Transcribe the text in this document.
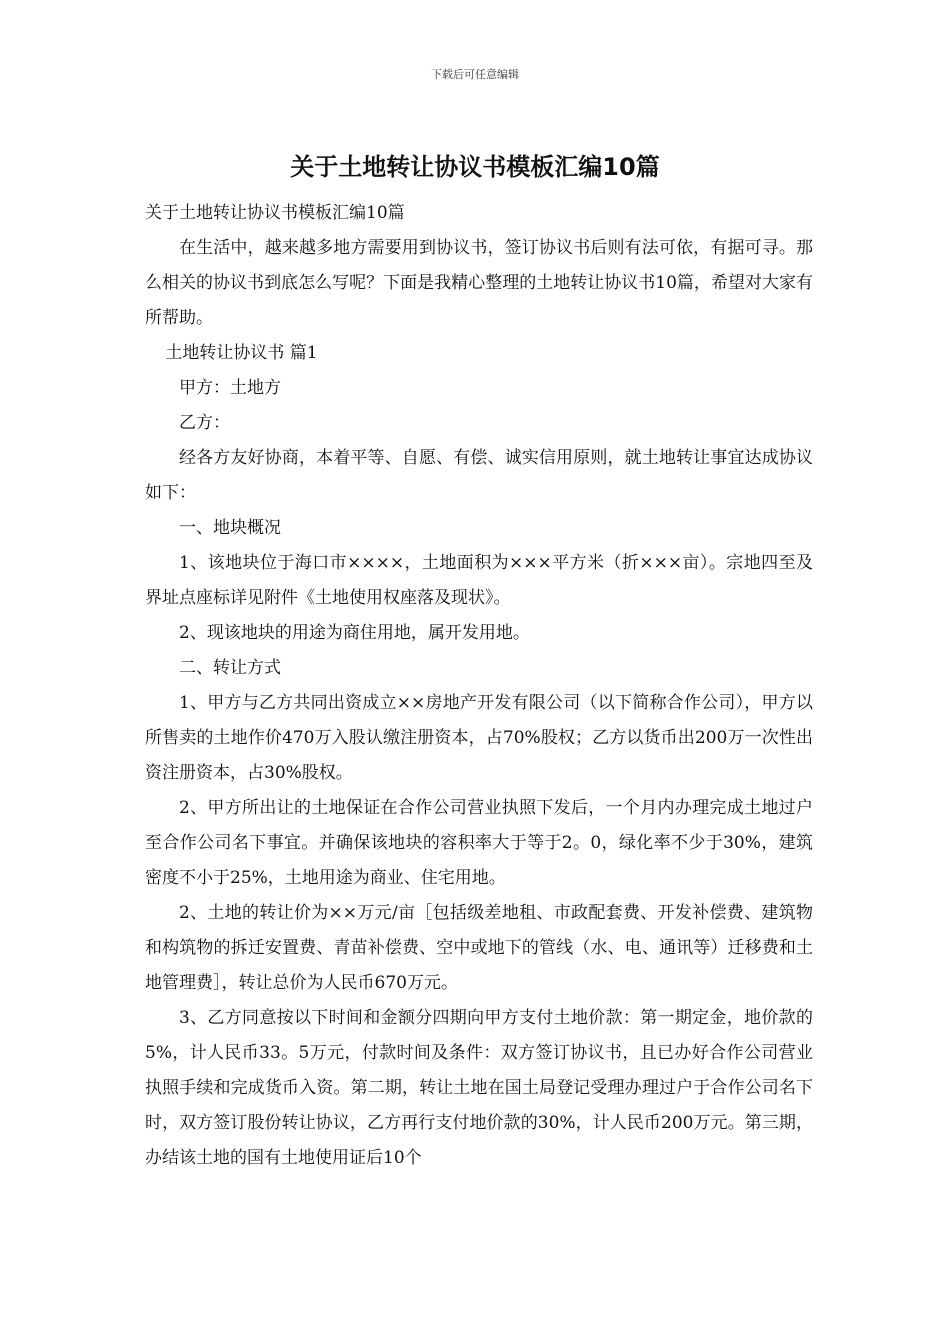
下载后可任意编辑
关于土地转让协议书模板汇编10篇

关于土地转让协议书模板汇编10篇

在生活中，越来越多地方需要用到协议书，签订协议书后则有法可依，有据可寻。那么相关的协议书到底怎么写呢？下面是我精心整理的土地转让协议书10篇，希望对大家有所帮助。

土地转让协议书 篇1

甲方：土地方

乙方：

经各方友好协商，本着平等、自愿、有偿、诚实信用原则，就土地转让事宜达成协议如下：

一、地块概况

1、该地块位于海口市××××，土地面积为×××平方米（折×××亩）。宗地四至及界址点座标详见附件《土地使用权座落及现状》。

2、现该地块的用途为商住用地，属开发用地。

二、转让方式

1、甲方与乙方共同出资成立××房地产开发有限公司（以下简称合作公司），甲方以所售卖的土地作价470万入股认缴注册资本，占70%股权；乙方以货币出200万一次性出资注册资本，占30%股权。

2、甲方所出让的土地保证在合作公司营业执照下发后，一个月内办理完成土地过户至合作公司名下事宜。并确保该地块的容积率大于等于2。0，绿化率不少于30%，建筑密度不小于25%，土地用途为商业、住宅用地。

2、土地的转让价为××万元/亩［包括级差地租、市政配套费、开发补偿费、建筑物和构筑物的拆迁安置费、青苗补偿费、空中或地下的管线（水、电、通讯等）迁移费和土地管理费］，转让总价为人民币670万元。

3、乙方同意按以下时间和金额分四期向甲方支付土地价款：第一期定金，地价款的5%，计人民币33。5万元，付款时间及条件：双方签订协议书，且已办好合作公司营业执照手续和完成货币入资。第二期，转让土地在国土局登记受理办理过户于合作公司名下时，双方签订股份转让协议，乙方再行支付地价款的30%，计人民币200万元。第三期，办结该土地的国有土地使用证后10个
